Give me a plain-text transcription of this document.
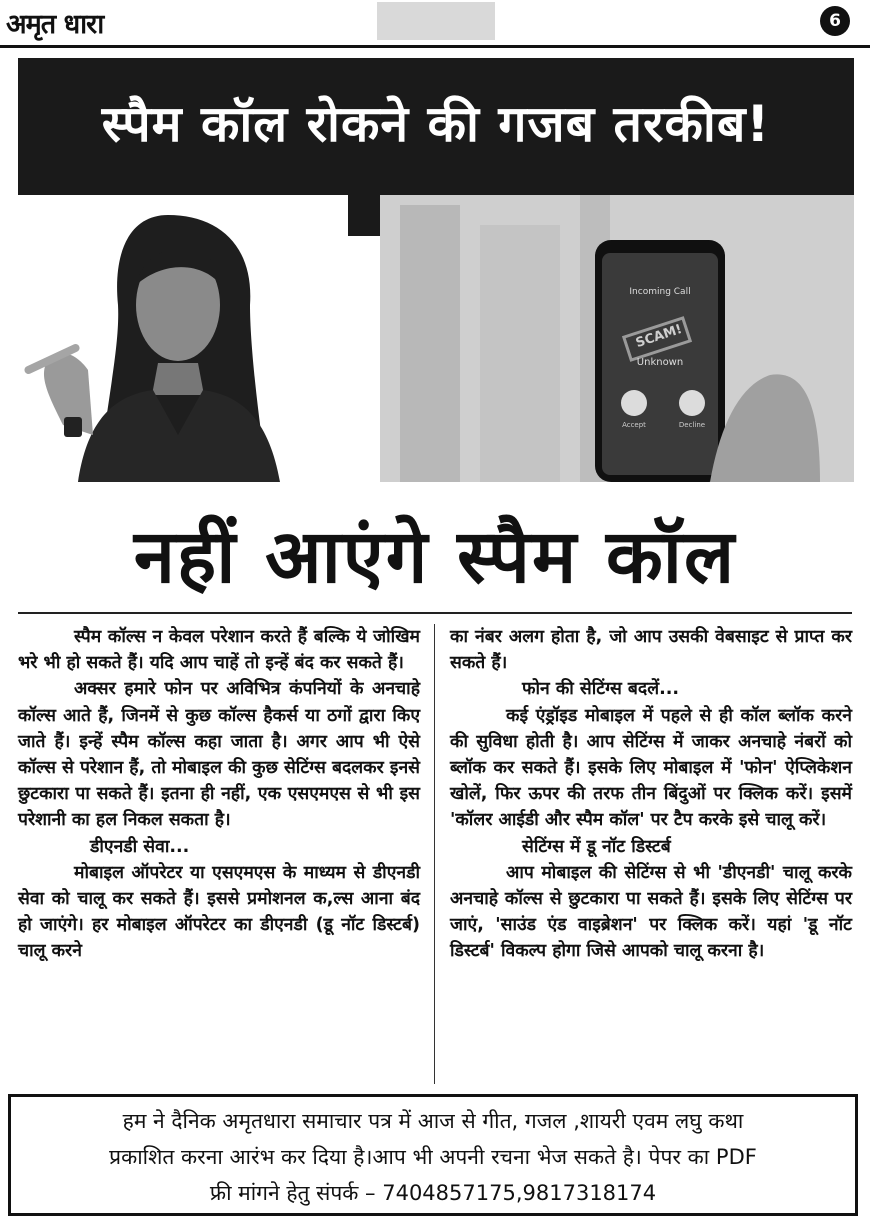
अमृत धारा	6
स्पैम कॉल रोकने की गजब तरकीब!
Incoming Call
SCAM!
Unknown
Accept	Decline
नहीं आएंगे स्पैम कॉल

स्पैम कॉल्स न केवल परेशान करते हैं बल्कि ये जोखिम भरे भी हो सकते हैं। यदि आप चाहें तो इन्हें बंद कर सकते हैं।

अक्सर हमारे फोन पर अविभित्र कंपनियों के अनचाहे कॉल्स आते हैं, जिनमें से कुछ कॉल्स हैकर्स या ठगों द्वारा किए जाते हैं। इन्हें स्पैम कॉल्स कहा जाता है। अगर आप भी ऐसे कॉल्स से परेशान हैं, तो मोबाइल की कुछ सेटिंग्स बदलकर इनसे छुटकारा पा सकते हैं। इतना ही नहीं, एक एसएमएस से भी इस परेशानी का हल निकल सकता है।

डीएनडी सेवा...

मोबाइल ऑपरेटर या एसएमएस के माध्यम से डीएनडी सेवा को चालू कर सकते हैं। इससे प्रमोशनल क,ल्स आना बंद हो जाएंगे। हर मोबाइल ऑपरेटर का डीएनडी (डू नॉट डिस्टर्ब) चालू करने

का नंबर अलग होता है, जो आप उसकी वेबसाइट से प्राप्त कर सकते हैं।

फोन की सेटिंग्स बदलें...

कई एंड्रॉइड मोबाइल में पहले से ही कॉल ब्लॉक करने की सुविधा होती है। आप सेटिंग्स में जाकर अनचाहे नंबरों को ब्लॉक कर सकते हैं। इसके लिए मोबाइल में 'फोन' ऐप्लिकेशन खोलें, फिर ऊपर की तरफ तीन बिंदुओं पर क्लिक करें। इसमें 'कॉलर आईडी और स्पैम कॉल' पर टैप करके इसे चालू करें।

सेटिंग्स में डू नॉट डिस्टर्ब

आप मोबाइल की सेटिंग्स से भी 'डीएनडी' चालू करके अनचाहे कॉल्स से छुटकारा पा सकते हैं। इसके लिए सेटिंग्स पर जाएं, 'साउंड एंड वाइब्रेशन' पर क्लिक करें। यहां 'डू नॉट डिस्टर्ब' विकल्प होगा जिसे आपको चालू करना है।

हम ने दैनिक अमृतधारा समाचार पत्र में आज से गीत, गजल ,शायरी एवम लघु कथा

प्रकाशित करना आरंभ कर दिया है।आप भी अपनी रचना भेज सकते है। पेपर का PDF

फ्री मांगने हेतु संपर्क – 7404857175,9817318174
